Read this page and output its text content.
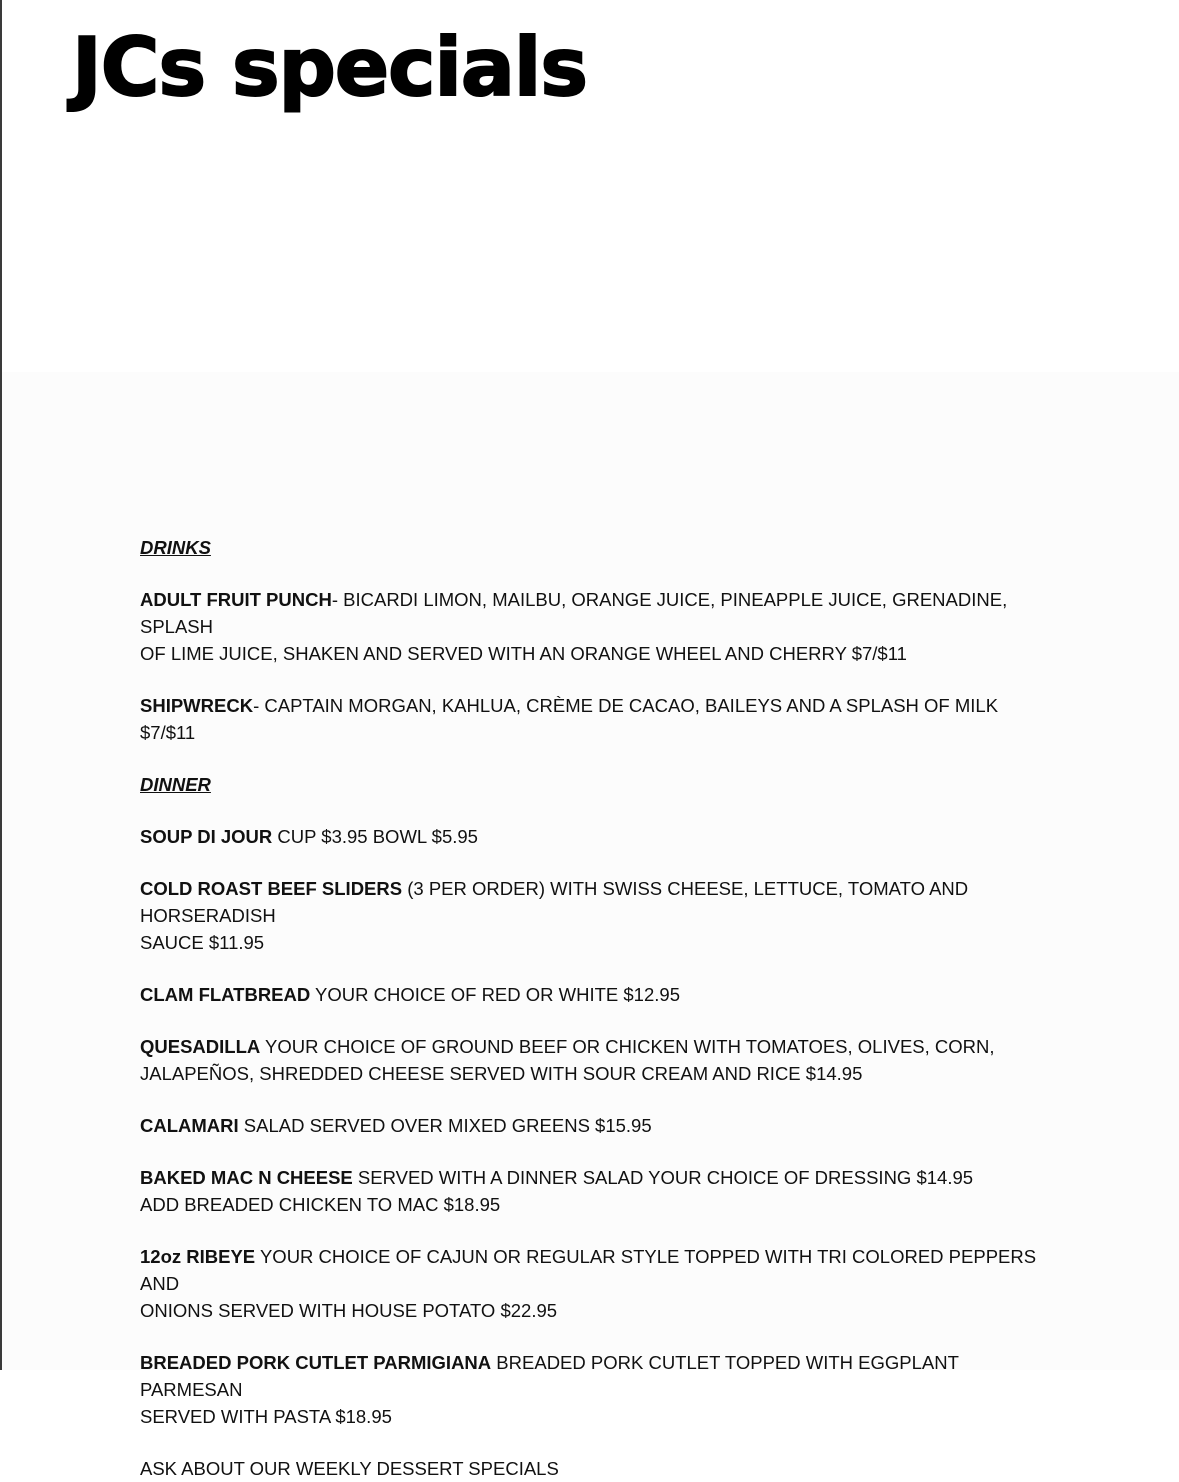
JCs specials
DRINKS
ADULT FRUIT PUNCH- BICARDI LIMON, MAILBU, ORANGE JUICE, PINEAPPLE JUICE, GRENADINE, SPLASH
OF LIME JUICE, SHAKEN AND SERVED WITH AN ORANGE WHEEL AND CHERRY $7/$11
SHIPWRECK- CAPTAIN MORGAN, KAHLUA, CRÈME DE CACAO, BAILEYS AND A SPLASH OF MILK $7/$11
DINNER
SOUP DI JOUR CUP $3.95 BOWL $5.95
COLD ROAST BEEF SLIDERS (3 PER ORDER) WITH SWISS CHEESE, LETTUCE, TOMATO AND HORSERADISH
SAUCE $11.95
CLAM FLATBREAD YOUR CHOICE OF RED OR WHITE $12.95
QUESADILLA YOUR CHOICE OF GROUND BEEF OR CHICKEN WITH TOMATOES, OLIVES, CORN,
JALAPEÑOS, SHREDDED CHEESE SERVED WITH SOUR CREAM AND RICE $14.95
CALAMARI SALAD SERVED OVER MIXED GREENS $15.95
BAKED MAC N CHEESE SERVED WITH A DINNER SALAD YOUR CHOICE OF DRESSING $14.95
ADD BREADED CHICKEN TO MAC $18.95
12oz RIBEYE YOUR CHOICE OF CAJUN OR REGULAR STYLE TOPPED WITH TRI COLORED PEPPERS AND
ONIONS SERVED WITH HOUSE POTATO $22.95
BREADED PORK CUTLET PARMIGIANA BREADED PORK CUTLET TOPPED WITH EGGPLANT PARMESAN
SERVED WITH PASTA $18.95

ASK ABOUT OUR WEEKLY DESSERT SPECIALS
